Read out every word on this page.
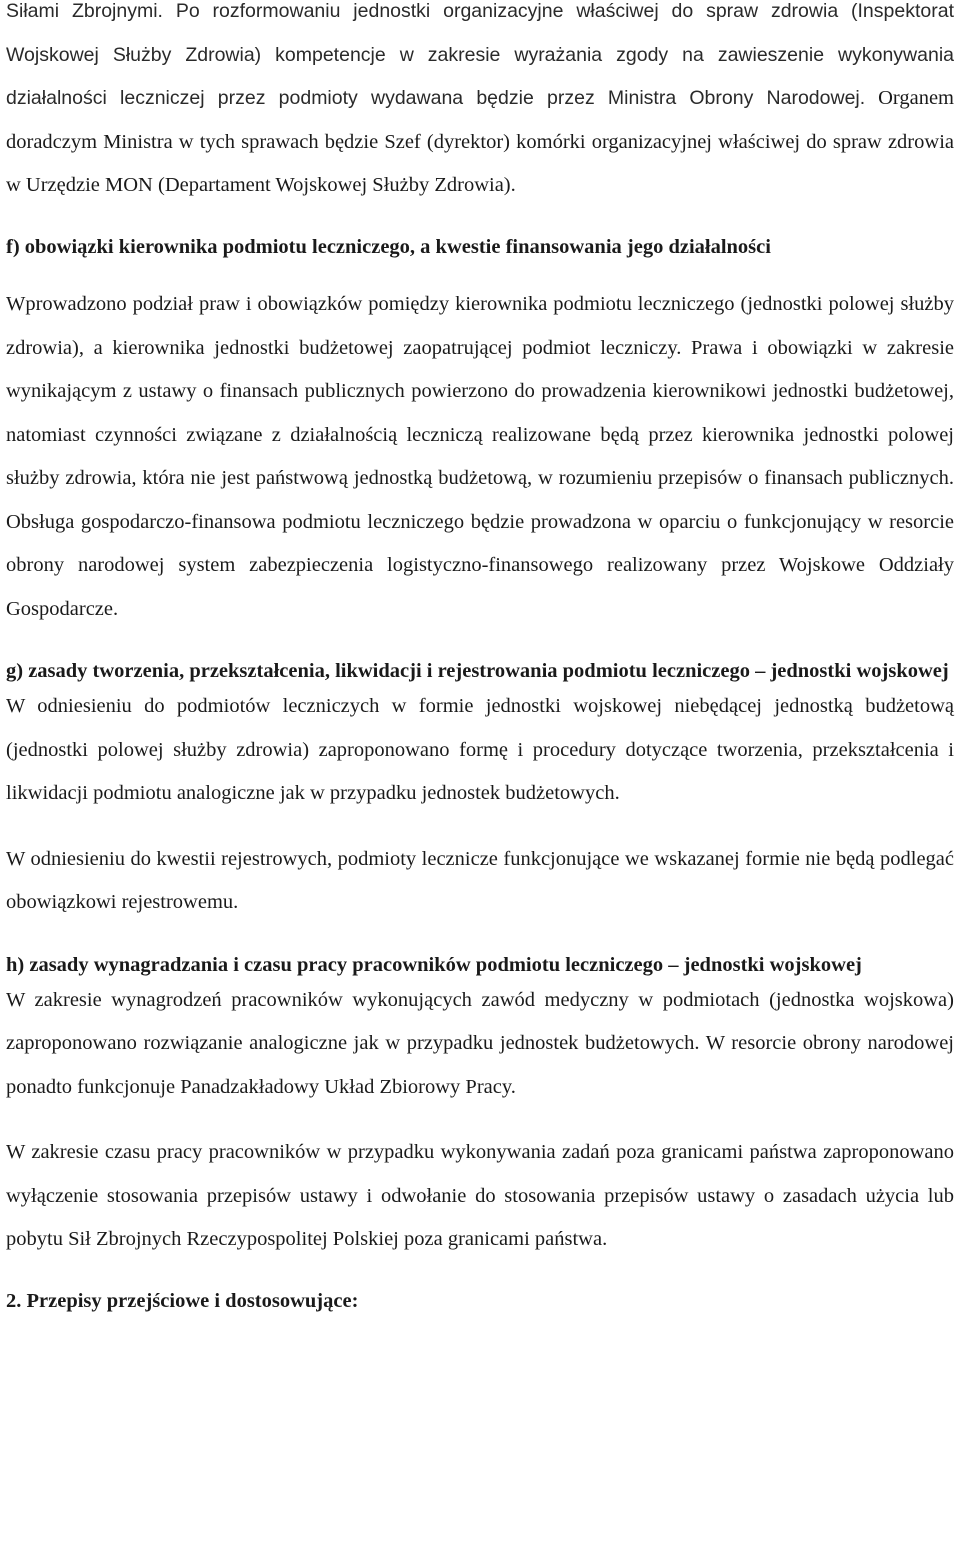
Siłami Zbrojnymi. Po rozformowaniu jednostki organizacyjne właściwej do spraw zdrowia (Inspektorat Wojskowej Służby Zdrowia) kompetencje w zakresie wyrażania zgody na zawieszenie wykonywania działalności leczniczej przez podmioty wydawana będzie przez Ministra Obrony Narodowej. Organem doradczym Ministra w tych sprawach będzie Szef (dyrektor) komórki organizacyjnej właściwej do spraw zdrowia w Urzędzie MON (Departament Wojskowej Służby Zdrowia).

f) obowiązki kierownika podmiotu leczniczego, a kwestie finansowania jego działalności

Wprowadzono podział praw i obowiązków pomiędzy kierownika podmiotu leczniczego (jednostki polowej służby zdrowia), a kierownika jednostki budżetowej zaopatrującej podmiot leczniczy. Prawa i obowiązki w zakresie wynikającym z ustawy o finansach publicznych powierzono do prowadzenia kierownikowi jednostki budżetowej, natomiast czynności związane z działalnością leczniczą realizowane będą przez kierownika jednostki polowej służby zdrowia, która nie jest państwową jednostką budżetową, w rozumieniu przepisów o finansach publicznych. Obsługa gospodarczo-finansowa podmiotu leczniczego będzie prowadzona w oparciu o funkcjonujący w resorcie obrony narodowej system zabezpieczenia logistyczno-finansowego realizowany przez Wojskowe Oddziały Gospodarcze.

g) zasady tworzenia, przekształcenia, likwidacji i rejestrowania podmiotu leczniczego – jednostki wojskowej

W odniesieniu do podmiotów leczniczych w formie jednostki wojskowej niebędącej jednostką budżetową (jednostki polowej służby zdrowia) zaproponowano formę i procedury dotyczące tworzenia, przekształcenia i likwidacji podmiotu analogiczne jak w przypadku jednostek budżetowych.

W odniesieniu do kwestii rejestrowych, podmioty lecznicze funkcjonujące we wskazanej formie nie będą podlegać obowiązkowi rejestrowemu.

h) zasady wynagradzania i czasu pracy pracowników podmiotu leczniczego – jednostki wojskowej

W zakresie wynagrodzeń pracowników wykonujących zawód medyczny w podmiotach (jednostka wojskowa) zaproponowano rozwiązanie analogiczne jak w przypadku jednostek budżetowych. W resorcie obrony narodowej ponadto funkcjonuje Panadzakładowy Układ Zbiorowy Pracy.

W zakresie czasu pracy pracowników w przypadku wykonywania zadań poza granicami państwa zaproponowano wyłączenie stosowania przepisów ustawy i odwołanie do stosowania przepisów ustawy o zasadach użycia lub pobytu Sił Zbrojnych Rzeczypospolitej Polskiej poza granicami państwa.

2. Przepisy przejściowe i dostosowujące:
